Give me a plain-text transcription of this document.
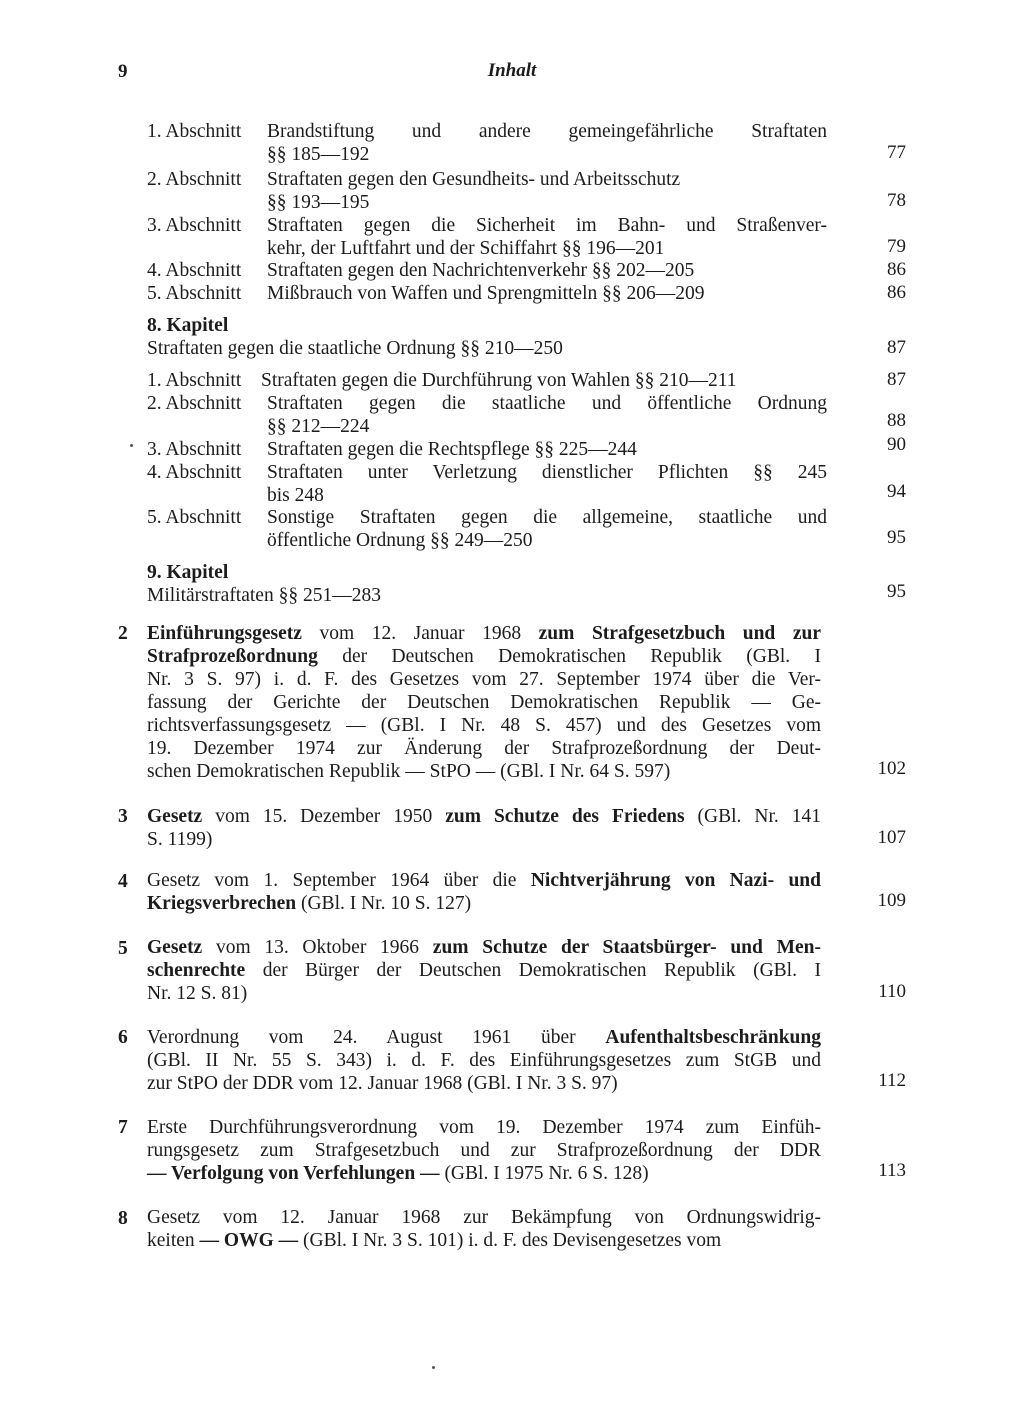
9	Inhalt
1. Abschnitt Brandstiftung und andere gemeingefährliche Straftaten
§§ 185—192	77
2. Abschnitt Straftaten gegen den Gesundheits- und Arbeitsschutz
§§ 193—195	78
3. Abschnitt Straftaten gegen die Sicherheit im Bahn- und Straßenver-
kehr, der Luftfahrt und der Schiffahrt §§ 196—201	79
4. Abschnitt Straftaten gegen den Nachrichtenverkehr §§ 202—205	86
5. Abschnitt Mißbrauch von Waffen und Sprengmitteln §§ 206—209	86
8. Kapitel
Straftaten gegen die staatliche Ordnung §§ 210—250	87
1. Abschnitt Straftaten gegen die Durchführung von Wahlen §§ 210—211	87
2. Abschnitt Straftaten gegen die staatliche und öffentliche Ordnung
§§ 212—224	88
3. Abschnitt Straftaten gegen die Rechtspflege §§ 225—244	90
4. Abschnitt Straftaten unter Verletzung dienstlicher Pflichten §§ 245
bis 248	94
5. Abschnitt Sonstige Straftaten gegen die allgemeine, staatliche und
öffentliche Ordnung §§ 249—250	95
9. Kapitel
Militärstraftaten §§ 251—283	95
2 Einführungsgesetz vom 12. Januar 1968 zum Strafgesetzbuch und zur
Strafprozeßordnung der Deutschen Demokratischen Republik (GBl. I
Nr. 3 S. 97) i. d. F. des Gesetzes vom 27. September 1974 über die Ver-
fassung der Gerichte der Deutschen Demokratischen Republik — Ge-
richtsverfassungsgesetz — (GBl. I Nr. 48 S. 457) und des Gesetzes vom
19. Dezember 1974 zur Änderung der Strafprozeßordnung der Deut-
schen Demokratischen Republik — StPO — (GBl. I Nr. 64 S. 597)	102
3 Gesetz vom 15. Dezember 1950 zum Schutze des Friedens (GBl. Nr. 141
S. 1199)	107
4 Gesetz vom 1. September 1964 über die Nichtverjährung von Nazi- und
Kriegsverbrechen (GBl. I Nr. 10 S. 127)	109
5 Gesetz vom 13. Oktober 1966 zum Schutze der Staatsbürger- und Men-
schenrechte der Bürger der Deutschen Demokratischen Republik (GBl. I
Nr. 12 S. 81)	110
6 Verordnung vom 24. August 1961 über Aufenthaltsbeschränkung
(GBl. II Nr. 55 S. 343) i. d. F. des Einführungsgesetzes zum StGB und
zur StPO der DDR vom 12. Januar 1968 (GBl. I Nr. 3 S. 97)	112
7 Erste Durchführungsverordnung vom 19. Dezember 1974 zum Einfüh-
rungsgesetz zum Strafgesetzbuch und zur Strafprozeßordnung der DDR
— Verfolgung von Verfehlungen — (GBl. I 1975 Nr. 6 S. 128)	113
8 Gesetz vom 12. Januar 1968 zur Bekämpfung von Ordnungswidrig-
keiten — OWG — (GBl. I Nr. 3 S. 101) i. d. F. des Devisengesetzes vom
